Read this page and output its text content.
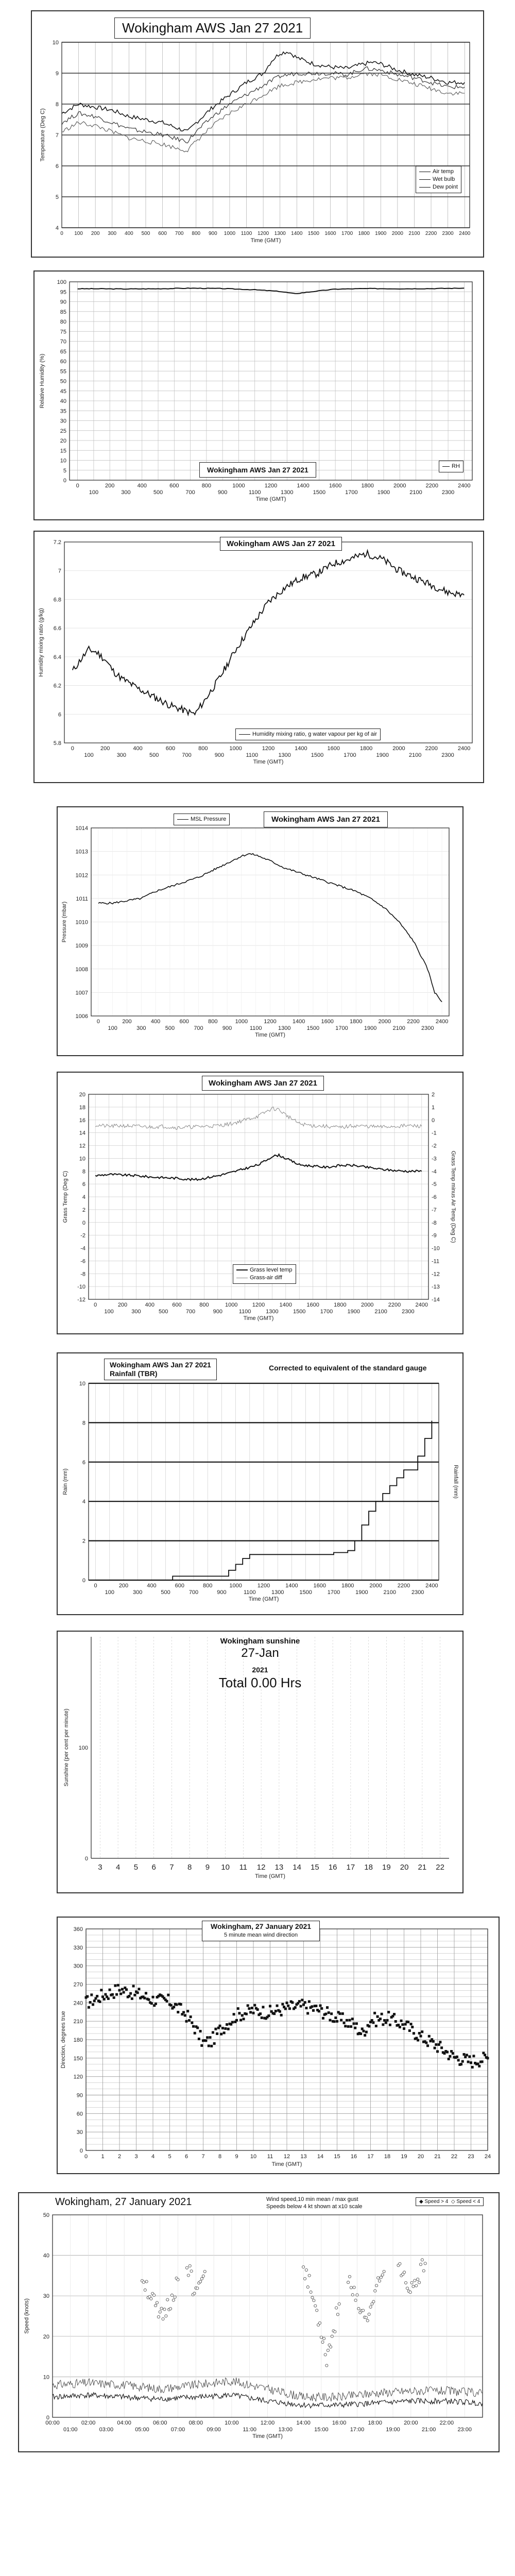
4
5
6
7
8
9
10
0 100 200 300 400 500 600 700 800 900 1000 1100 1200 1300 1400 1500 1600 1700 1800 1900 2000 2100 2200 2300 2400
Time (GMT)
Temperature (Deg C)
Wokingham AWS Jan 27 2021
Air temp
Wet bulb
Dew point
0
5
10
15
20
25
30
35
40
45
50
55
60
65
70
75
80
85
90
95
100
0	200	400	600	800	1000	1200	1400	1600	1800	2000	2200	2400
100	300	500	700	900	1100	1300	1500	1700	1900	2100	2300
Time (GMT)
Relative Humidity (%)
Wokingham AWS Jan 27 2021	RH
5.8
6
6.2
6.4
6.6
6.8
7
7.2
0	200	400	600	800	1000	1200	1400	1600	1800	2000	2200	2400
100	300	500	700	900	1100	1300	1500	1700	1900	2100	2300
Time (GMT)
Humidity mixing ratio (g/kg)
Wokingham AWS Jan 27 2021
Humidity mixing ratio, g water vapour per kg of air
1006
1007
1008
1009
1010
1011
1012
1013
1014
0	200	400	600	800	1000	1200	1400	1600	1800	2000	2200	2400
100	300	500	700	900	1100	1300	1500	1700	1900	2100	2300
Time (GMT)
Pressure (mbar)
MSL Pressure	Wokingham AWS Jan 27 2021
-12
-10
-8
-6
-4
-2
0
2
4
6
8
10
12
14
16
18
20
-14
-13
-12
-11
-10
-9
-8
-7
-6
-5
-4
-3
-2
-1
0
1
2
0	200	400	600	800	1000	1200	1400	1600	1800	2000	2200	2400
100	300	500	700	900	1100	1300	1500	1700	1900	2100	2300
Time (GMT)
Grass Temp (Deg C)	Grass Temp minus Air Temp (Deg C)
Wokingham AWS Jan 27 2021
Grass level temp
Grass-air diff
0
2
4
6
8
10
0	200	400	600	800	1000	1200	1400	1600	1800	2000	2200	2400
100	300	500	700	900	1100	1300	1500	1700	1900	2100	2300
Time (GMT)
Rain (mm)	Rainfall (mm)
Wokingham AWS Jan 27 2021
Rainfall (TBR)
Corrected to equivalent of the standard gauge
0
100
3 4 5 6 7 8 9 10 11 12 13 14 15 16 17 18 19 20 21 22
Time (GMT)
Sunshine (per cent per minute)
Wokingham sunshine
27-Jan
2021
Total 0.00 Hrs
0
30
60
90
120
150
180
210
240
270
300
330
360
0 1 2 3 4 5 6 7 8 9 10 11 12 13 14 15 16 17 18 19 20 21 22 23 24
Time (GMT)
Direction, degrees true
Wokingham, 27 January 2021
5 minute mean wind direction
0
10
20
30
40
50
00:00	02:00	04:00	06:00	08:00	10:00	12:00	14:00	16:00	18:00	20:00	22:00
01:00	03:00	05:00	07:00	09:00	11:00	13:00	15:00	17:00	19:00	21:00	23:00
Time (GMT)
Speed (knots)
Wokingham, 27 January 2021	Wind speed,10 min mean / max gust
Speeds below 4 kt shown at x10 scale
◆ Speed > 4 ◇ Speed < 4
